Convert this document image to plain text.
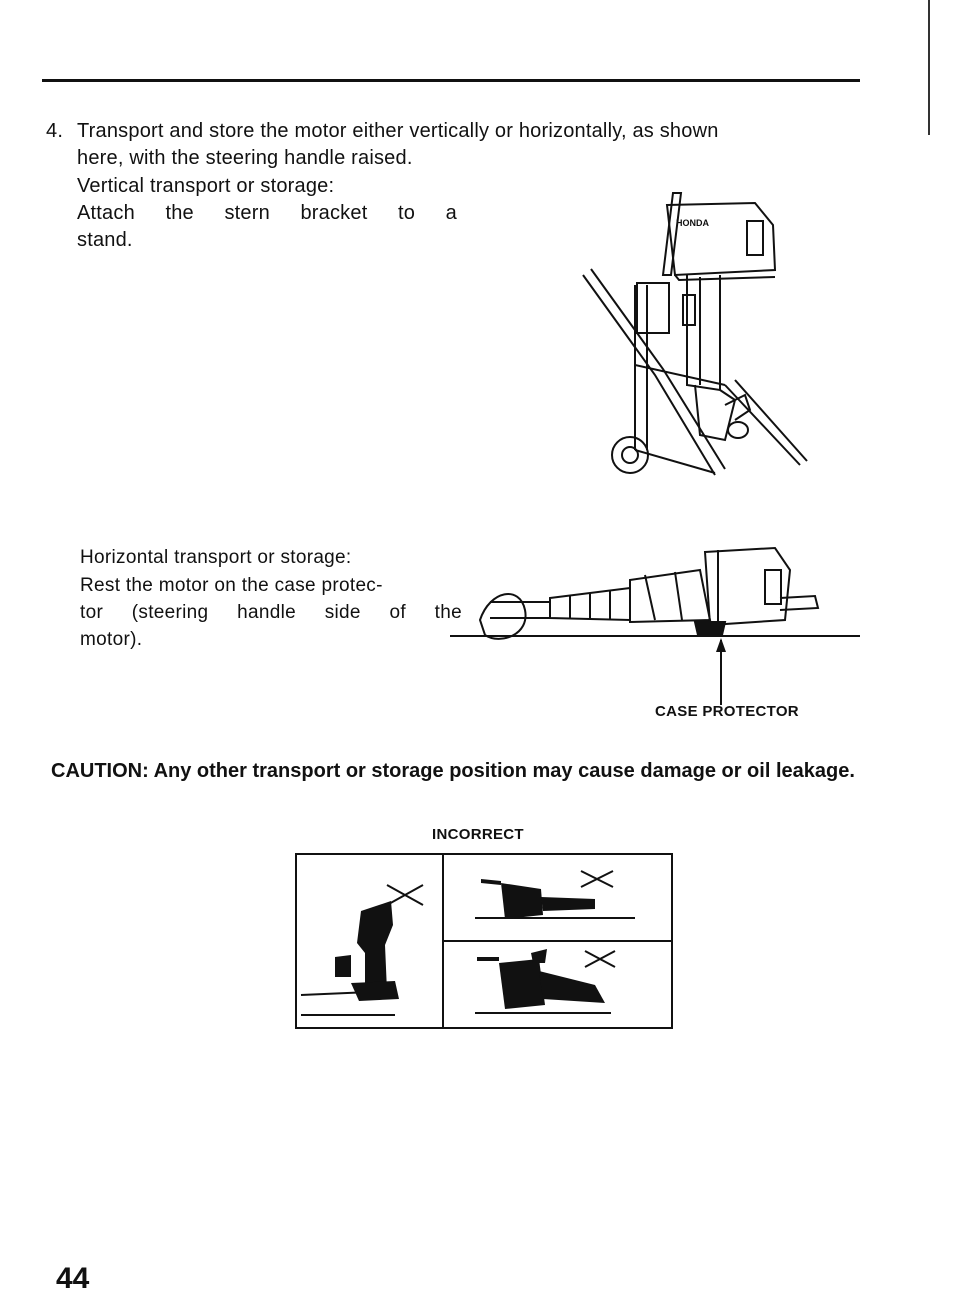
4. Transport and store the motor either vertically or horizontally, as shown
here, with the steering handle raised.
Vertical transport or storage:
Attach the stern bracket to a
stand.
HONDA
Horizontal transport or storage:
Rest the motor on the case protec-
tor (steering handle side of the
motor).
CASE PROTECTOR
CAUTION: Any other transport or storage position may cause damage or oil leakage.
INCORRECT
44
